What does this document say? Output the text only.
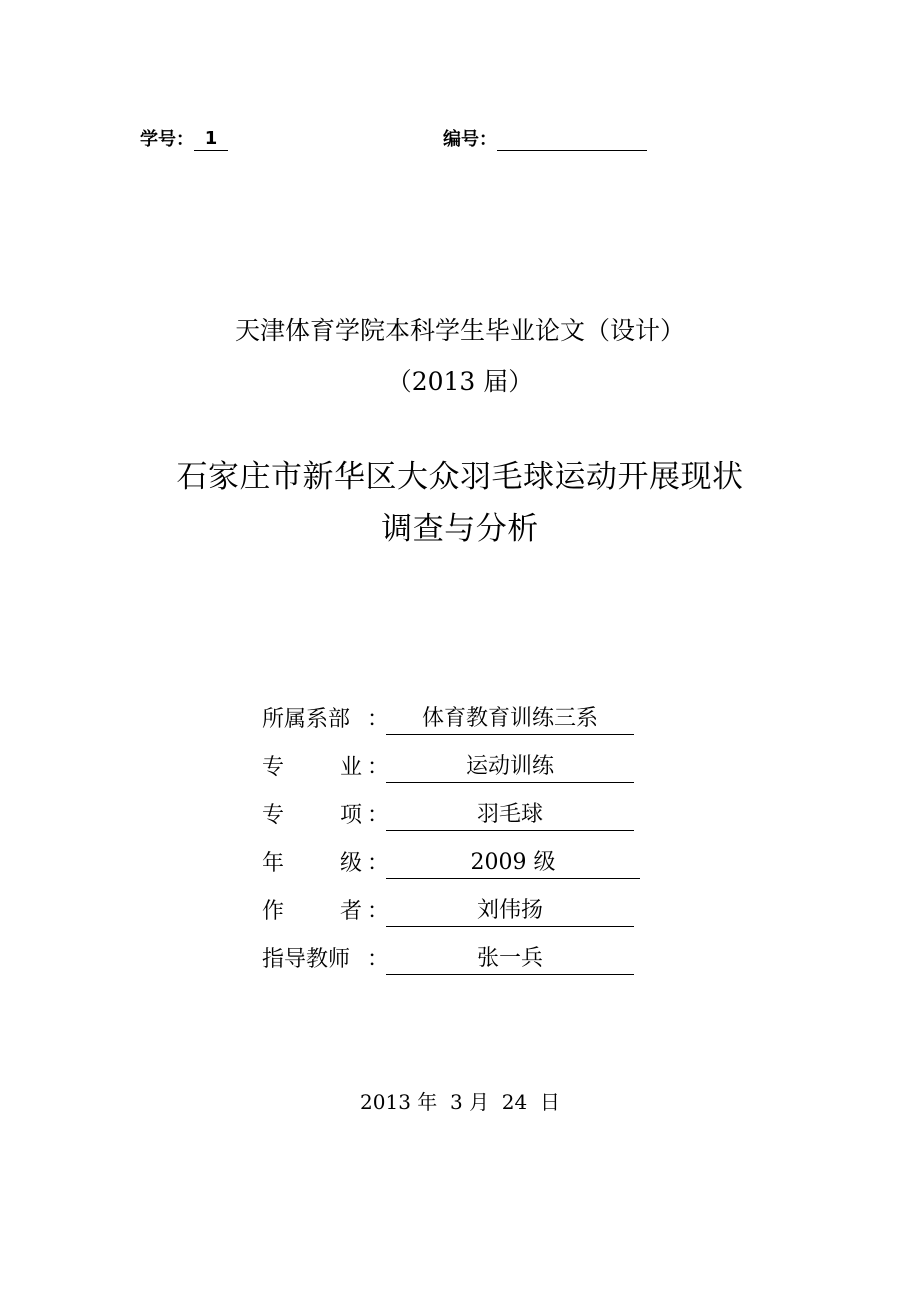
学号： 1	编号：
天津体育学院本科学生毕业论文（设计）
（2013 届）
石家庄市新华区大众羽毛球运动开展现状
调查与分析
所属系部 ：	体育教育训练三系
专	业 ：	运动训练
专	项 ：	羽毛球
年	级 ：	2009 级
作	者 ：	刘伟扬
指导教师 ：	张一兵
2013 年  3 月  24  日
